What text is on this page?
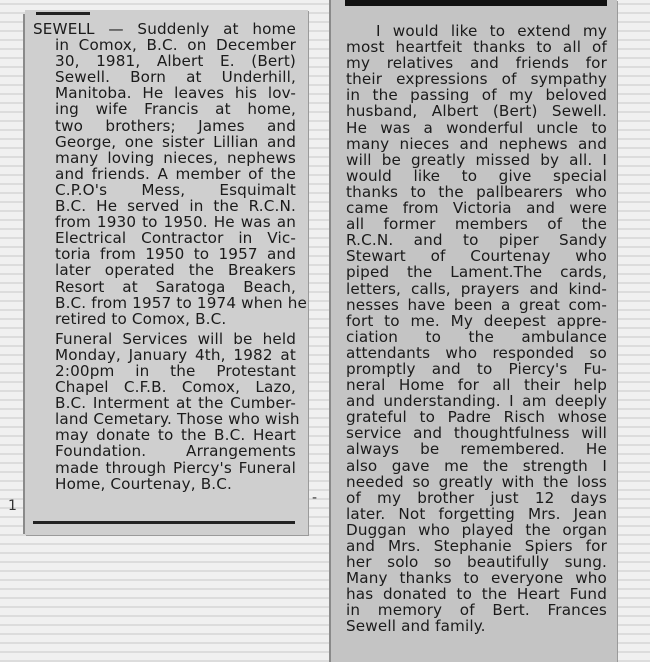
SEWELL — Suddenly at home
in Comox, B.C. on December
30, 1981, Albert E. (Bert)
Sewell. Born at Underhill,
Manitoba. He leaves his lov-
ing wife Francis at home,
two brothers; James and
George, one sister Lillian and
many loving nieces, nephews
and friends. A member of the
C.P.O's Mess, Esquimalt
B.C. He served in the R.C.N.
from 1930 to 1950. He was an
Electrical Contractor in Vic-
toria from 1950 to 1957 and
later operated the Breakers
Resort at Saratoga Beach,
B.C. from 1957 to 1974 when he
retired to Comox, B.C.
Funeral Services will be held
Monday, January 4th, 1982 at
2:00pm in the Protestant
Chapel C.F.B. Comox, Lazo,
B.C. Interment at the Cumber-
land Cemetary. Those who wish
may donate to the B.C. Heart
Foundation. Arrangements
made through Piercy's Funeral
Home, Courtenay, B.C.
I would like to extend my
most heartfeit thanks to all of
my relatives and friends for
their expressions of sympathy
in the passing of my beloved
husband, Albert (Bert) Sewell.
He was a wonderful uncle to
many nieces and nephews and
will be greatly missed by all. I
would like to give special
thanks to the pallbearers who
came from Victoria and were
all former members of the
R.C.N. and to piper Sandy
Stewart of Courtenay who
piped the Lament.The cards,
letters, calls, prayers and kind-
nesses have been a great com-
fort to me. My deepest appre-
ciation to the ambulance
attendants who responded so
promptly and to Piercy's Fu-
neral Home for all their help
and understanding. I am deeply
grateful to Padre Risch whose
service and thoughtfulness will
always be remembered. He
also gave me the strength I
needed so greatly with the loss
of my brother just 12 days
later. Not forgetting Mrs. Jean
Duggan who played the organ
and Mrs. Stephanie Spiers for
her solo so beautifully sung.
Many thanks to everyone who
has donated to the Heart Fund
in memory of Bert. Frances
Sewell and family.
1	-
